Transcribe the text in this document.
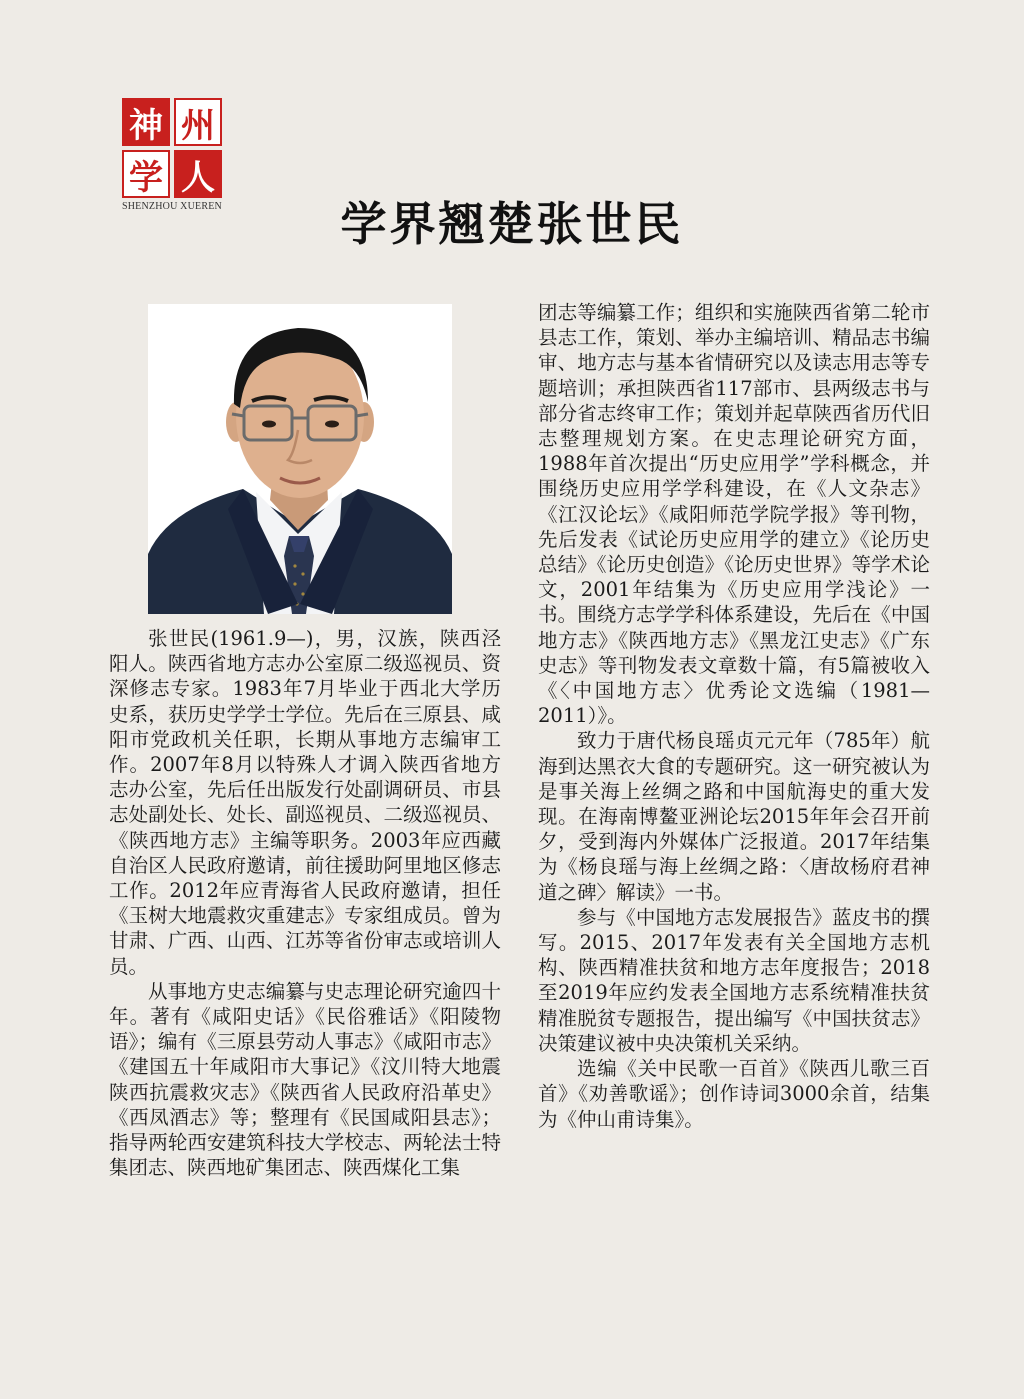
神 州
学 人
SHENZHOU XUEREN	学界翘楚张世民

张世民(1961.9—)，男，汉族，陕西泾阳人。陕西省地方志办公室原二级巡视员、资深修志专家。1983年7月毕业于西北大学历史系，获历史学学士学位。先后在三原县、咸阳市党政机关任职，长期从事地方志编审工作。2007年8月以特殊人才调入陕西省地方志办公室，先后任出版发行处副调研员、市县志处副处长、处长、副巡视员、二级巡视员、《陕西地方志》主编等职务。2003年应西藏自治区人民政府邀请，前往援助阿里地区修志工作。2012年应青海省人民政府邀请，担任《玉树大地震救灾重建志》专家组成员。曾为甘肃、广西、山西、江苏等省份审志或培训人员。

从事地方史志编纂与史志理论研究逾四十年。著有《咸阳史话》《民俗雅话》《阳陵物语》；编有《三原县劳动人事志》《咸阳市志》《建国五十年咸阳市大事记》《汶川特大地震陕西抗震救灾志》《陕西省人民政府沿革史》《西凤酒志》等；整理有《民国咸阳县志》；指导两轮西安建筑科技大学校志、两轮法士特集团志、陕西地矿集团志、陕西煤化工集

团志等编纂工作；组织和实施陕西省第二轮市县志工作，策划、举办主编培训、精品志书编审、地方志与基本省情研究以及读志用志等专题培训；承担陕西省117部市、县两级志书与部分省志终审工作；策划并起草陕西省历代旧志整理规划方案。在史志理论研究方面，1988年首次提出“历史应用学”学科概念，并围绕历史应用学学科建设，在《人文杂志》《江汉论坛》《咸阳师范学院学报》等刊物，先后发表《试论历史应用学的建立》《论历史总结》《论历史创造》《论历史世界》等学术论文，2001年结集为《历史应用学浅论》一书。围绕方志学学科体系建设，先后在《中国地方志》《陕西地方志》《黑龙江史志》《广东史志》等刊物发表文章数十篇，有5篇被收入《〈中国地方志〉优秀论文选编（1981—2011）》。

致力于唐代杨良瑶贞元元年（785年）航海到达黑衣大食的专题研究。这一研究被认为是事关海上丝绸之路和中国航海史的重大发现。在海南博鳌亚洲论坛2015年年会召开前夕，受到海内外媒体广泛报道。2017年结集为《杨良瑶与海上丝绸之路：〈唐故杨府君神道之碑〉解读》一书。

参与《中国地方志发展报告》蓝皮书的撰写。2015、2017年发表有关全国地方志机构、陕西精准扶贫和地方志年度报告；2018至2019年应约发表全国地方志系统精准扶贫精准脱贫专题报告，提出编写《中国扶贫志》决策建议被中央决策机关采纳。

选编《关中民歌一百首》《陕西儿歌三百首》《劝善歌谣》；创作诗词3000余首，结集为《仲山甫诗集》。
